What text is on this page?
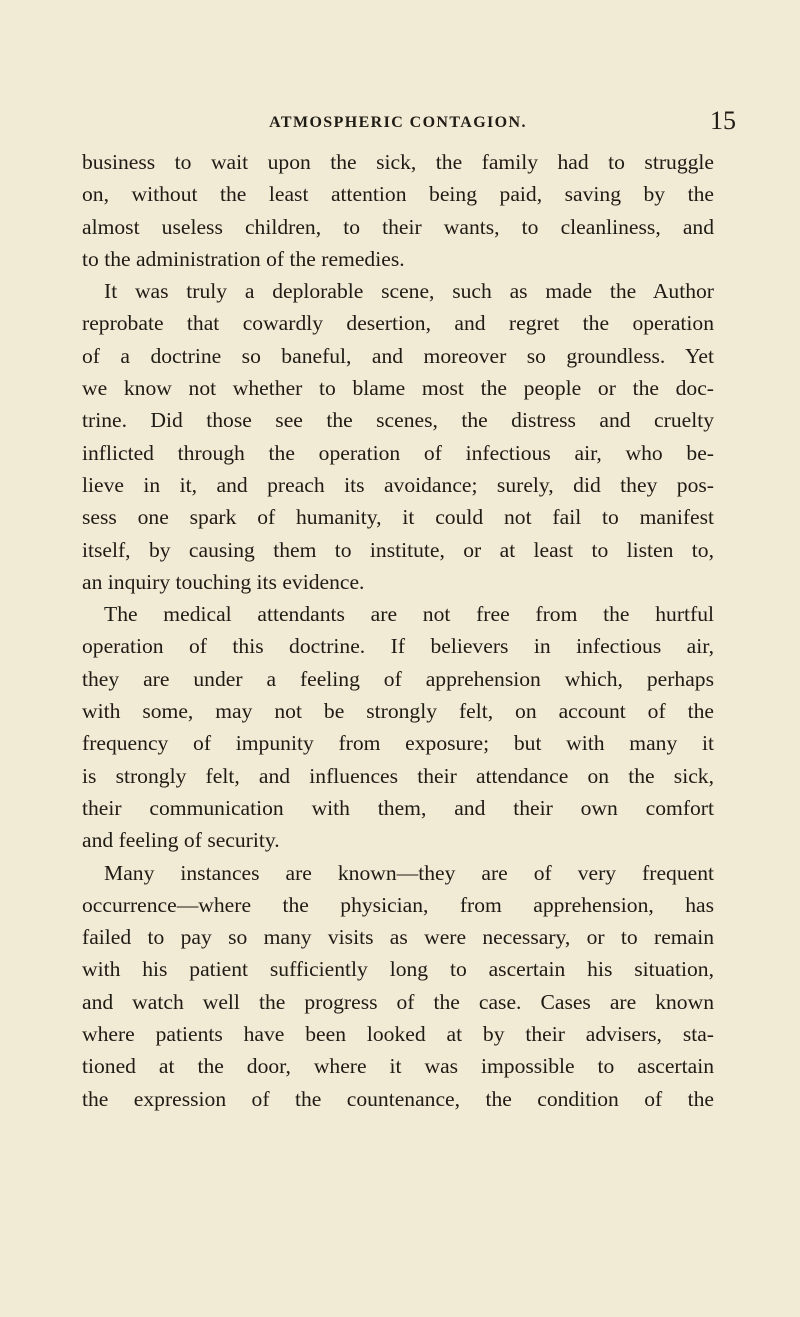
ATMOSPHERIC CONTAGION.	15
business to wait upon the sick, the family had to struggle
on, without the least attention being paid, saving by the
almost useless children, to their wants, to cleanliness, and
to the administration of the remedies.
It was truly a deplorable scene, such as made the Author
reprobate that cowardly desertion, and regret the operation
of a doctrine so baneful, and moreover so groundless. Yet
we know not whether to blame most the people or the doc-
trine. Did those see the scenes, the distress and cruelty
inflicted through the operation of infectious air, who be-
lieve in it, and preach its avoidance; surely, did they pos-
sess one spark of humanity, it could not fail to manifest
itself, by causing them to institute, or at least to listen to,
an inquiry touching its evidence.
The medical attendants are not free from the hurtful
operation of this doctrine. If believers in infectious air,
they are under a feeling of apprehension which, perhaps
with some, may not be strongly felt, on account of the
frequency of impunity from exposure; but with many it
is strongly felt, and influences their attendance on the sick,
their communication with them, and their own comfort
and feeling of security.
Many instances are known—they are of very frequent
occurrence—where the physician, from apprehension, has
failed to pay so many visits as were necessary, or to remain
with his patient sufficiently long to ascertain his situation,
and watch well the progress of the case. Cases are known
where patients have been looked at by their advisers, sta-
tioned at the door, where it was impossible to ascertain
the expression of the countenance, the condition of the
